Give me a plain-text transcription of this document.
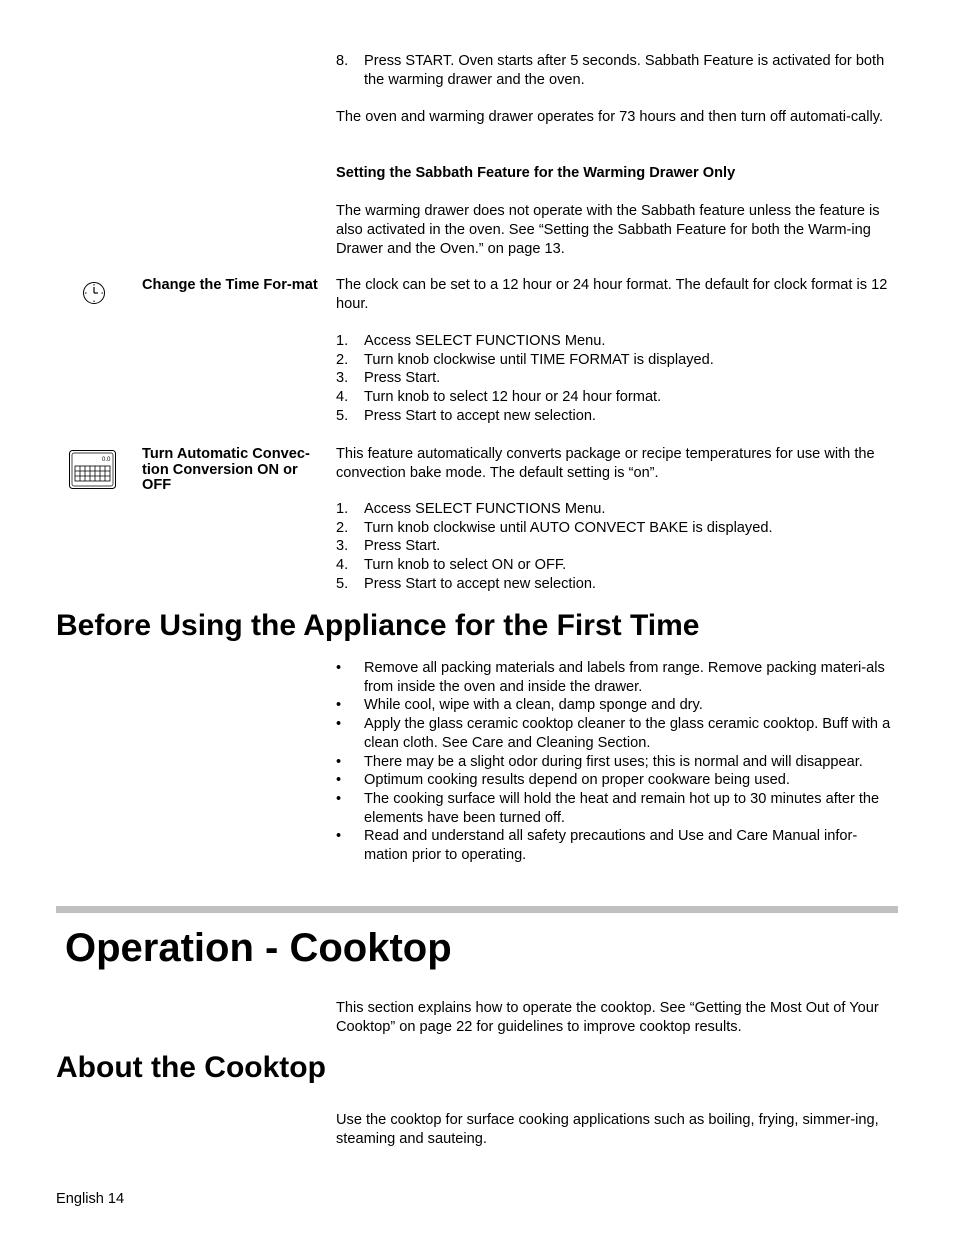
8. Press START. Oven starts after 5 seconds. Sabbath Feature is activated for both the warming drawer and the oven.

The oven and warming drawer operates for 73 hours and then turn off automati-cally.

Setting the Sabbath Feature for the Warming Drawer Only

The warming drawer does not operate with the Sabbath feature unless the feature is also activated in the oven. See “Setting the Sabbath Feature for both the Warm-ing Drawer and the Oven.” on page 13.

Change the Time For-mat	The clock can be set to a 12 hour or 24 hour format. The default for clock format is 12 hour.

1. Access SELECT FUNCTIONS Menu.
2. Turn knob clockwise until TIME FORMAT is displayed.
3. Press Start.
4. Turn knob to select 12 hour or 24 hour format.
5. Press Start to accept new selection.
0.0 Turn Automatic Convec-tion Conversion ON or OFF

This feature automatically converts package or recipe temperatures for use with the convection bake mode. The default setting is “on”.

1. Access SELECT FUNCTIONS Menu.
2. Turn knob clockwise until AUTO CONVECT BAKE is displayed.
3. Press Start.
4. Turn knob to select ON or OFF.
5. Press Start to accept new selection.
Before Using the Appliance for the First Time
• Remove all packing materials and labels from range. Remove packing materi-als from inside the oven and inside the drawer.
• While cool, wipe with a clean, damp sponge and dry.
• Apply the glass ceramic cooktop cleaner to the glass ceramic cooktop. Buff with a clean cloth. See Care and Cleaning Section.
• There may be a slight odor during first uses; this is normal and will disappear.
• Optimum cooking results depend on proper cookware being used.
• The cooking surface will hold the heat and remain hot up to 30 minutes after the elements have been turned off.
• Read and understand all safety precautions and Use and Care Manual infor-mation prior to operating.
Operation - Cooktop

This section explains how to operate the cooktop. See “Getting the Most Out of Your Cooktop” on page 22 for guidelines to improve cooktop results.

About the Cooktop

Use the cooktop for surface cooking applications such as boiling, frying, simmer-ing, steaming and sauteing.

English 14
